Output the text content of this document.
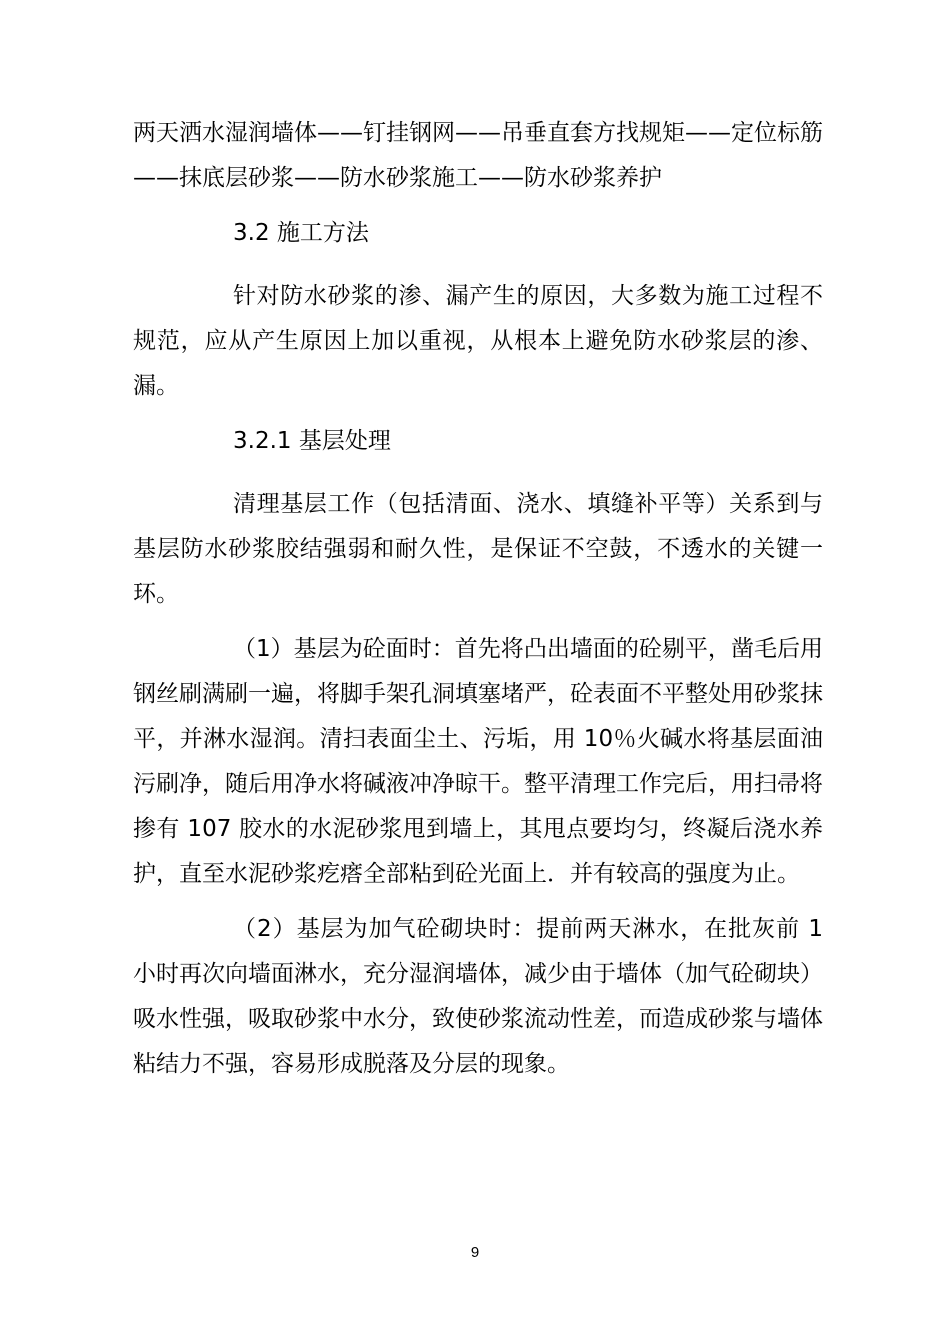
两天洒水湿润墙体——钉挂钢网——吊垂直套方找规矩——定位标筋——抹底层砂浆——防水砂浆施工——防水砂浆养护

3.2 施工方法

针对防水砂浆的渗、漏产生的原因，大多数为施工过程不规范，应从产生原因上加以重视，从根本上避免防水砂浆层的渗、漏。

3.2.1 基层处理

清理基层工作（包括清面、浇水、填缝补平等）关系到与基层防水砂浆胶结强弱和耐久性，是保证不空鼓，不透水的关键一环。

（1）基层为砼面时：首先将凸出墙面的砼剔平，凿毛后用钢丝刷满刷一遍，将脚手架孔洞填塞堵严，砼表面不平整处用砂浆抹平，并淋水湿润。清扫表面尘土、污垢，用 10％火碱水将基层面油污刷净，随后用净水将碱液冲净晾干。整平清理工作完后，用扫帚将掺有 107 胶水的水泥砂浆甩到墙上，其甩点要均匀，终凝后浇水养护，直至水泥砂浆疙瘩全部粘到砼光面上．并有较高的强度为止。

（2）基层为加气砼砌块时：提前两天淋水，在批灰前 1 小时再次向墙面淋水，充分湿润墙体，减少由于墙体（加气砼砌块）吸水性强，吸取砂浆中水分，致使砂浆流动性差，而造成砂浆与墙体粘结力不强，容易形成脱落及分层的现象。

9
